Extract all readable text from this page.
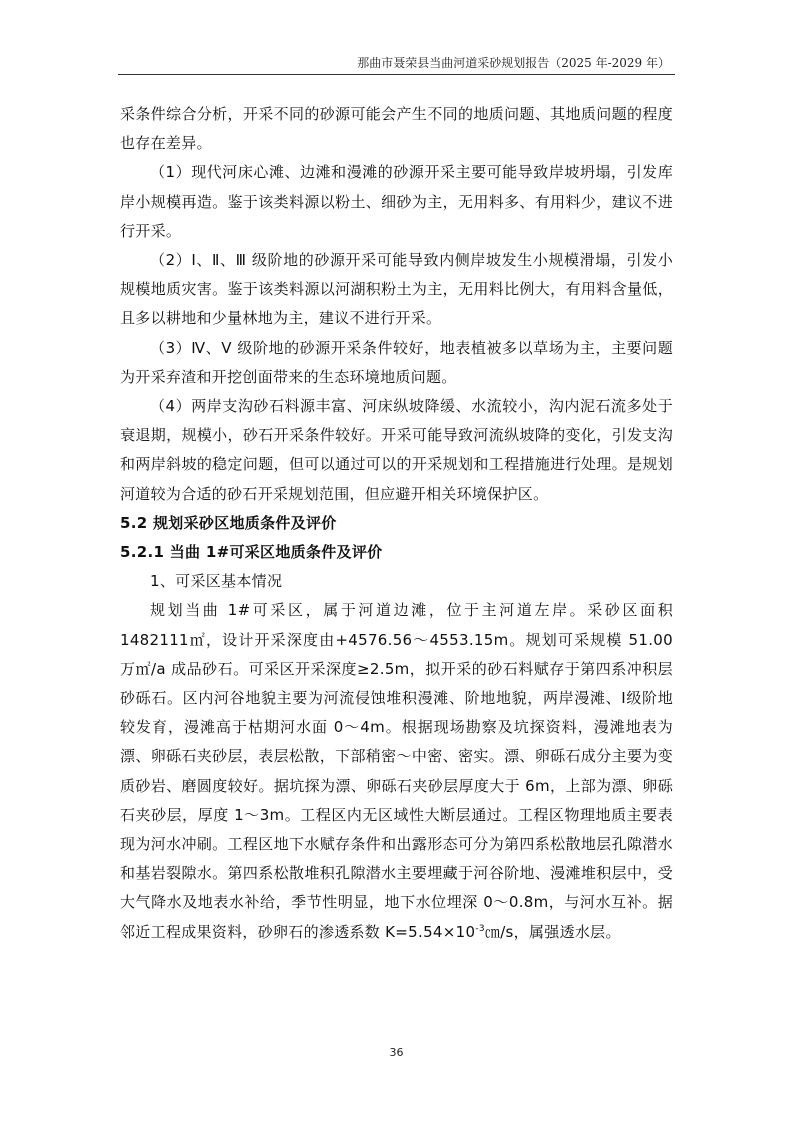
那曲市聂荣县当曲河道采砂规划报告（2025 年-2029 年）

采条件综合分析，开采不同的砂源可能会产生不同的地质问题、其地质问题的程度也存在差异。

（1）现代河床心滩、边滩和漫滩的砂源开采主要可能导致岸坡坍塌，引发库岸小规模再造。鉴于该类料源以粉土、细砂为主，无用料多、有用料少，建议不进行开采。

（2）Ⅰ、Ⅱ、Ⅲ 级阶地的砂源开采可能导致内侧岸坡发生小规模滑塌，引发小规模地质灾害。鉴于该类料源以河湖积粉土为主，无用料比例大，有用料含量低，且多以耕地和少量林地为主，建议不进行开采。

（3）Ⅳ、Ⅴ 级阶地的砂源开采条件较好，地表植被多以草场为主，主要问题为开采弃渣和开挖创面带来的生态环境地质问题。

（4）两岸支沟砂石料源丰富、河床纵坡降缓、水流较小，沟内泥石流多处于衰退期，规模小，砂石开采条件较好。开采可能导致河流纵坡降的变化，引发支沟和两岸斜坡的稳定问题，但可以通过可以的开采规划和工程措施进行处理。是规划河道较为合适的砂石开采规划范围，但应避开相关环境保护区。

5.2 规划采砂区地质条件及评价

5.2.1 当曲 1#可采区地质条件及评价

1、可采区基本情况

规划当曲 1#可采区，属于河道边滩，位于主河道左岸。采砂区面积 1482111㎡，设计开采深度由+4576.56～4553.15m。规划可采规模 51.00 万㎡/a 成品砂石。可采区开采深度≥2.5m，拟开采的砂石料赋存于第四系冲积层砂砾石。区内河谷地貌主要为河流侵蚀堆积漫滩、阶地地貌，两岸漫滩、Ⅰ级阶地较发育，漫滩高于枯期河水面 0～4m。根据现场勘察及坑探资料，漫滩地表为漂、卵砾石夹砂层，表层松散，下部稍密～中密、密实。漂、卵砾石成分主要为变质砂岩、磨圆度较好。据坑探为漂、卵砾石夹砂层厚度大于 6m，上部为漂、卵砾石夹砂层，厚度 1～3m。工程区内无区域性大断层通过。工程区物理地质主要表现为河水冲刷。工程区地下水赋存条件和出露形态可分为第四系松散地层孔隙潜水和基岩裂隙水。第四系松散堆积孔隙潜水主要埋藏于河谷阶地、漫滩堆积层中，受大气降水及地表水补给，季节性明显，地下水位埋深 0～0.8m，与河水互补。据邻近工程成果资料，砂卵石的渗透系数 $K=5.54\times 10^{-3}㎝/s$，属强透水层。

36
